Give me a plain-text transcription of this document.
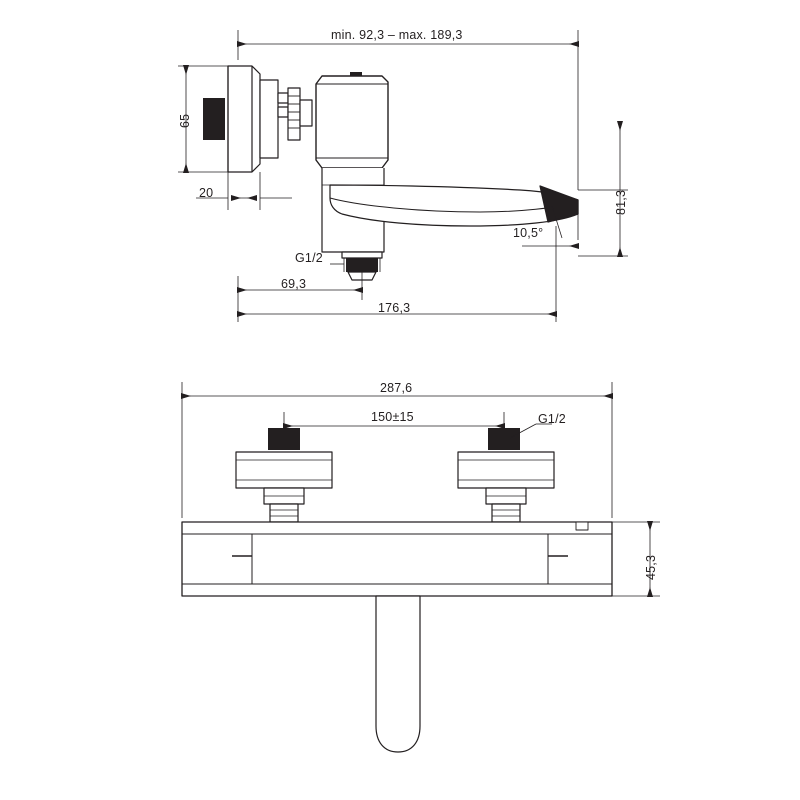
min. 92,3 – max. 189,3
65
20	81,3
G1/2
10,5°
69,3
176,3
287,6
150±15	G1/2
45,3
